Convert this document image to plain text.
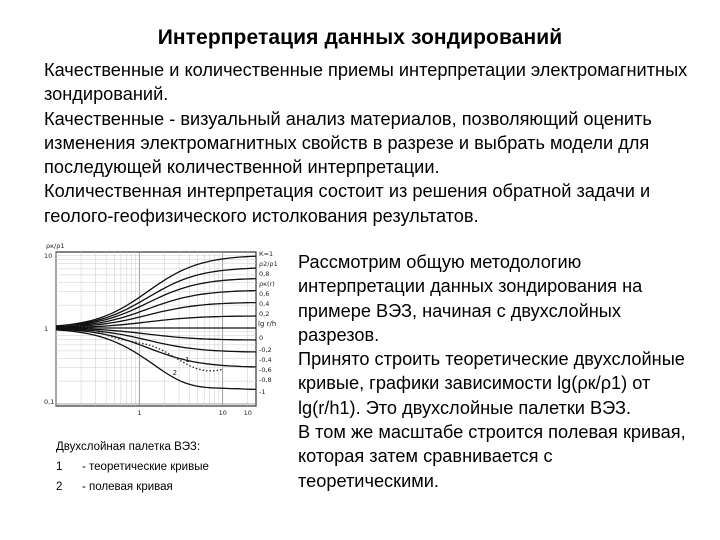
Интерпретация данных зондирований

Качественные и количественные приемы интерпретации электромагнитных зондирований.

Качественные - визуальный анализ материалов, позволяющий оценить изменения электромагнитных свойств в разрезе и выбрать модели для последующей количественной интерпретации.

Количественная интерпретация состоит из решения обратной задачи и геолого-геофизического истолкования результатов.

К=1
ρ2/ρ1
0,8
ρк(r)
0,6
0,4
0,2
0
-0,2
-0,4
-0,6
-0,8
-1
10
1
0,1
ρк/ρ1
1	10	10
lg r/h
1
2
Двухслойная палетка ВЭЗ:
1 - теоретические кривые
2 - полевая кривая

Рассмотрим общую методологию интерпретации данных зондирования на примере ВЭЗ, начиная с двухслойных разрезов.

Принято строить теоретические двухслойные кривые, графики зависимости lg(ρк/ρ1) от lg(r/h1). Это двухслойные палетки ВЭЗ.

В том же масштабе строится полевая кривая, которая затем сравнивается с теоретическими.
